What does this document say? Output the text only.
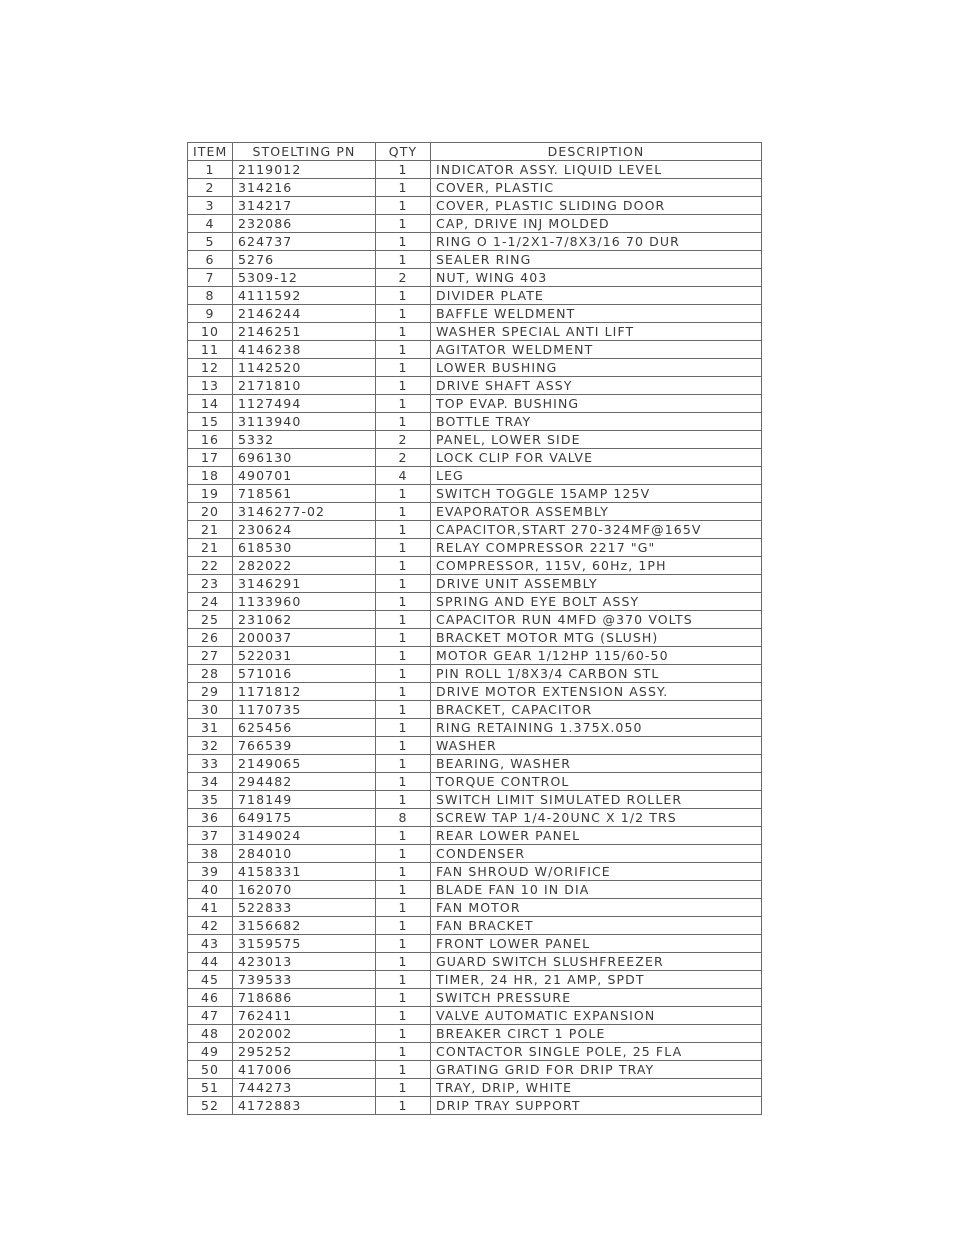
ITEM	STOELTING PN	QTY	DESCRIPTION
1	2119012	1	INDICATOR ASSY. LIQUID LEVEL
2	314216	1	COVER, PLASTIC
3	314217	1	COVER, PLASTIC SLIDING DOOR
4	232086	1	CAP, DRIVE INJ MOLDED
5	624737	1	RING O 1-1/2X1-7/8X3/16 70 DUR
6	5276	1	SEALER RING
7	5309-12	2	NUT, WING 403
8	4111592	1	DIVIDER PLATE
9	2146244	1	BAFFLE WELDMENT
10	2146251	1	WASHER SPECIAL ANTI LIFT
11	4146238	1	AGITATOR WELDMENT
12	1142520	1	LOWER BUSHING
13	2171810	1	DRIVE SHAFT ASSY
14	1127494	1	TOP EVAP. BUSHING
15	3113940	1	BOTTLE TRAY
16	5332	2	PANEL, LOWER SIDE
17	696130	2	LOCK CLIP FOR VALVE
18	490701	4	LEG
19	718561	1	SWITCH TOGGLE 15AMP 125V
20	3146277-02	1	EVAPORATOR ASSEMBLY
21	230624	1	CAPACITOR,START 270-324MF@165V
21	618530	1	RELAY COMPRESSOR 2217 "G"
22	282022	1	COMPRESSOR, 115V, 60Hz, 1PH
23	3146291	1	DRIVE UNIT ASSEMBLY
24	1133960	1	SPRING AND EYE BOLT ASSY
25	231062	1	CAPACITOR RUN 4MFD @370 VOLTS
26	200037	1	BRACKET MOTOR MTG (SLUSH)
27	522031	1	MOTOR GEAR 1/12HP 115/60-50
28	571016	1	PIN ROLL 1/8X3/4 CARBON STL
29	1171812	1	DRIVE MOTOR EXTENSION ASSY.
30	1170735	1	BRACKET, CAPACITOR
31	625456	1	RING RETAINING 1.375X.050
32	766539	1	WASHER
33	2149065	1	BEARING, WASHER
34	294482	1	TORQUE CONTROL
35	718149	1	SWITCH LIMIT SIMULATED ROLLER
36	649175	8	SCREW TAP 1/4-20UNC X 1/2 TRS
37	3149024	1	REAR LOWER PANEL
38	284010	1	CONDENSER
39	4158331	1	FAN SHROUD W/ORIFICE
40	162070	1	BLADE FAN 10 IN DIA
41	522833	1	FAN MOTOR
42	3156682	1	FAN BRACKET
43	3159575	1	FRONT LOWER PANEL
44	423013	1	GUARD SWITCH SLUSHFREEZER
45	739533	1	TIMER, 24 HR, 21 AMP, SPDT
46	718686	1	SWITCH PRESSURE
47	762411	1	VALVE AUTOMATIC EXPANSION
48	202002	1	BREAKER CIRCT 1 POLE
49	295252	1	CONTACTOR SINGLE POLE, 25 FLA
50	417006	1	GRATING GRID FOR DRIP TRAY
51	744273	1	TRAY, DRIP, WHITE
52	4172883	1	DRIP TRAY SUPPORT
